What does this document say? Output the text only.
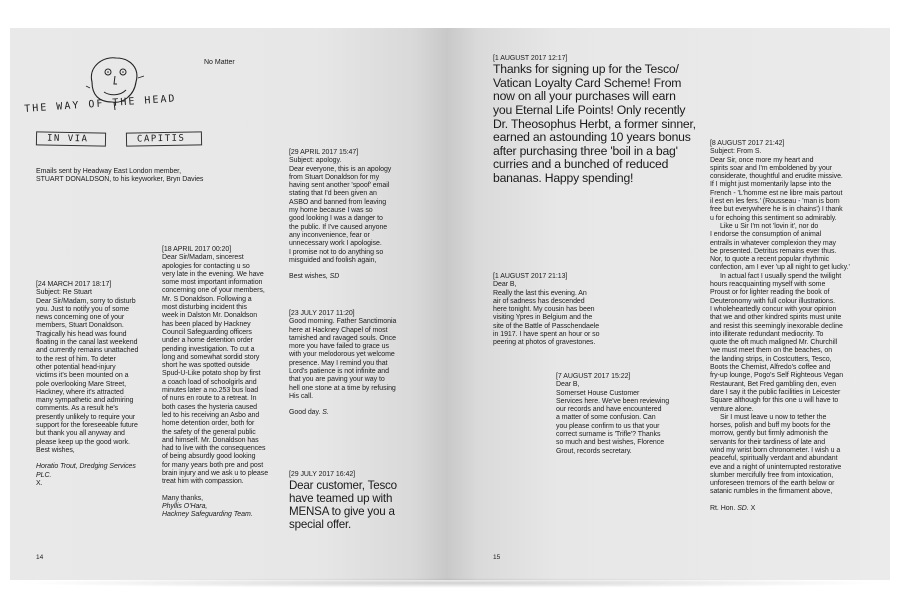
THE WAY OF THE HEAD
IN VIA	CAPITIS
No Matter

Emails sent by Headway East London member,

STUART DONALDSON, to his keyworker, Bryn Davies

[24 MARCH 2017 18:17]

Subject: Re Stuart

Dear Sir/Madam, sorry to disturb

you. Just to notify you of some

news concerning one of your

members, Stuart Donaldson.

Tragically his head was found

floating in the canal last weekend

and currently remains unattached

to the rest of him. To deter

other potential head-injury

victims it's been mounted on a

pole overlooking Mare Street,

Hackney, where it's attracted

many sympathetic and admiring

comments. As a result he's

presently unlikely to require your

support for the foreseeable future

but thank you all anyway and

please keep up the good work.

Best wishes,

Horatio Trout, Dredging Services

PLC.

X.

[18 APRIL 2017 00:20]

Dear Sir/Madam, sincerest

apologies for contacting u so

very late in the evening. We have

some most important information

concerning one of your members,

Mr. S Donaldson. Following a

most disturbing incident this

week in Dalston Mr. Donaldson

has been placed by Hackney

Council Safeguarding officers

under a home detention order

pending investigation. To cut a

long and somewhat sordid story

short he was spotted outside

Spud-U-Like potato shop by first

a coach load of schoolgirls and

minutes later a no.253 bus load

of nuns en route to a retreat. In

both cases the hysteria caused

led to his receiving an Asbo and

home detention order, both for

the safety of the general public

and himself. Mr. Donaldson has

had to live with the consequences

of being absurdly good looking

for many years both pre and post

brain injury and we ask u to please

treat him with compassion.

Many thanks,

Phyllis O'Hara,

Hackney Safeguarding Team.

[29 APRIL 2017 15:47]

Subject: apology.

Dear everyone, this is an apology

from Stuart Donaldson for my

having sent another 'spoof' email

stating that I'd been given an

ASBO and banned from leaving

my home because I was so

good looking I was a danger to

the public. If I've caused anyone

any inconvenience, fear or

unnecessary work I apologise.

I promise not to do anything so

misguided and foolish again,

Best wishes, SD

[23 JULY 2017 11:20]

Good morning. Father Sanctimonia

here at Hackney Chapel of most

tarnished and ravaged souls. Once

more you have failed to grace us

with your melodorous yet welcome

presence. May I remind you that

Lord's patience is not infinite and

that you are paving your way to

hell one stone at a time by refusing

His call.

Good day. S.

[29 JULY 2017 16:42]

Dear customer, Tesco

have teamed up with

MENSA to give you a

special offer.

14

[1 AUGUST 2017 12:17]

Thanks for signing up for the Tesco/

Vatican Loyalty Card Scheme! From

now on all your purchases will earn

you Eternal Life Points! Only recently

Dr. Theosophus Herbt, a former sinner,

earned an astounding 10 years bonus

after purchasing three 'boil in a bag'

curries and a bunched of reduced

bananas. Happy spending!

[1 AUGUST 2017 21:13]

Dear B,

Really the last this evening. An

air of sadness has descended

here tonight. My cousin has been

visiting Ypres in Belgium and the

site of the Battle of Passchendaele

in 1917. I have spent an hour or so

peering at photos of gravestones.

[7 AUGUST 2017 15:22]

Dear B,

Somerset House Customer

Services here. We've been reviewing

our records and have encountered

a matter of some confusion. Can

you please confirm to us that your

correct surname is 'Trifle'? Thanks

so much and best wishes, Florence

Grout, records secretary.

[8 AUGUST 2017 21:42]

Subject: From S.

Dear Sir, once more my heart and

spirits soar and I'm emboldened by your

considerate, thoughtful and erudite missive.

If I might just momentarily lapse into the

French - 'L'homme est ne libre mais partout

il est en les fers.' (Rousseau - 'man is born

free but everywhere he is in chains') I thank

u for echoing this sentiment so admirably.

Like u Sir I'm not 'lovin it', nor do

I endorse the consumption of animal

entrails in whatever complexion they may

be presented. Detritus remains ever thus.

Nor, to quote a recent popular rhythmic

confection, am I ever 'up all night to get lucky.'

In actual fact I usually spend the twilight

hours reacquainting myself with some

Proust or for lighter reading the book of

Deuteronomy with full colour illustrations.

I wholeheartedly concur with your opinion

that we and other kindred spirits must unite

and resist this seemingly inexorable decline

into illiterate redundant mediocrity. To

quote the oft much maligned Mr. Churchill

'we must meet them on the beaches, on

the landing strips, in Costcutters, Tesco,

Boots the Chemist, Alfredo's coffee and

fry-up lounge, Pogo's Self Righteous Vegan

Restaurant, Bet Fred gambling den, even

dare I say it the public facilities in Leicester

Square although for this one u will have to

venture alone.

Sir I must leave u now to tether the

horses, polish and buff my boots for the

morrow, gently but firmly admonish the

servants for their tardiness of late and

wind my wrist born chronometer. I wish u a

peaceful, spiritually verdant and abundant

eve and a night of uninterrupted restorative

slumber mercifully free from intoxication,

unforeseen tremors of the earth below or

satanic rumbles in the firmament above,

Rt. Hon. SD. X

15
